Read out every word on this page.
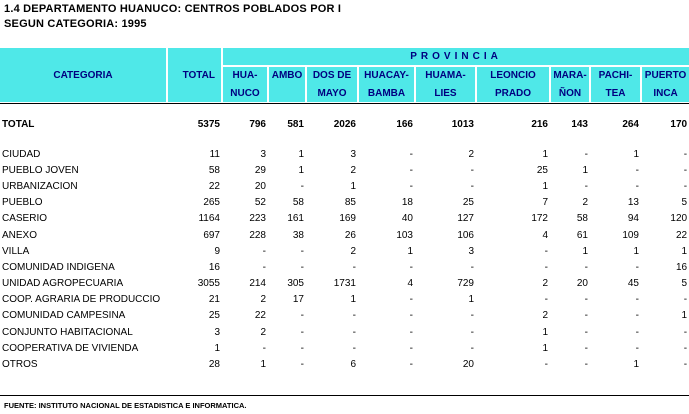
1.4 DEPARTAMENTO HUANUCO: CENTROS POBLADOS POR I
SEGUN CATEGORIA: 1995
CATEGORIA	TOTAL	PROVINCIA								
		HUA-	AMBO	DOS DE	HUACAY-	HUAMA-	LEONCIO	MARA-	PACHI-	PUERTO
		NUCO		MAYO	BAMBA	LIES	PRADO	ÑON	TEA	INCA

TOTAL	5375	796	581	2026	166	1013	216	143	264	170

CIUDAD	11	3	1	3	-	2	1	-	1	-
PUEBLO JOVEN	58	29	1	2	-	-	25	1	-	-
URBANIZACION	22	20	-	1	-	-	1	-	-	-
PUEBLO	265	52	58	85	18	25	7	2	13	5
CASERIO	1164	223	161	169	40	127	172	58	94	120
ANEXO	697	228	38	26	103	106	4	61	109	22
VILLA	9	-	-	2	1	3	-	1	1	1
COMUNIDAD INDIGENA	16	-	-	-	-	-	-	-	-	16
UNIDAD AGROPECUARIA	3055	214	305	1731	4	729	2	20	45	5
COOP. AGRARIA DE PRODUCCIO	21	2	17	1	-	1	-	-	-	-
COMUNIDAD CAMPESINA	25	22	-	-	-	-	2	-	-	1
CONJUNTO HABITACIONAL	3	2	-	-	-	-	1	-	-	-
COOPERATIVA DE VIVIENDA	1	-	-	-	-	-	1	-	-	-
OTROS	28	1	-	6	-	20	-	-	1	-
FUENTE: INSTITUTO NACIONAL DE ESTADISTICA E INFORMATICA.
